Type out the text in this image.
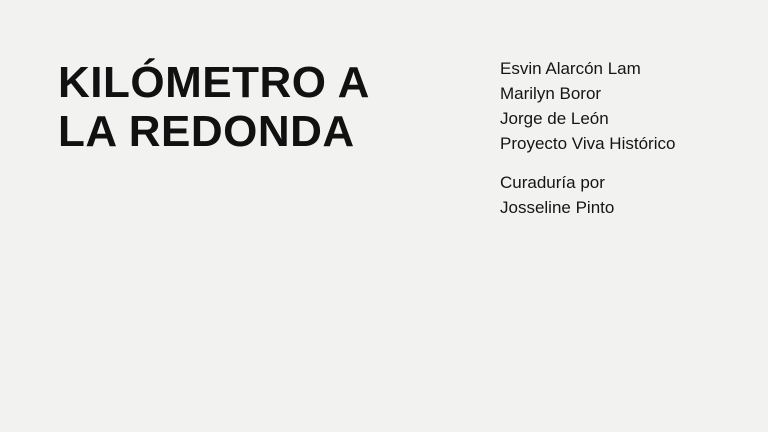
KILÓMETRO A
LA REDONDA
Esvin Alarcón Lam
Marilyn Boror
Jorge de León
Proyecto Viva Histórico
Curaduría por
Josseline Pinto
